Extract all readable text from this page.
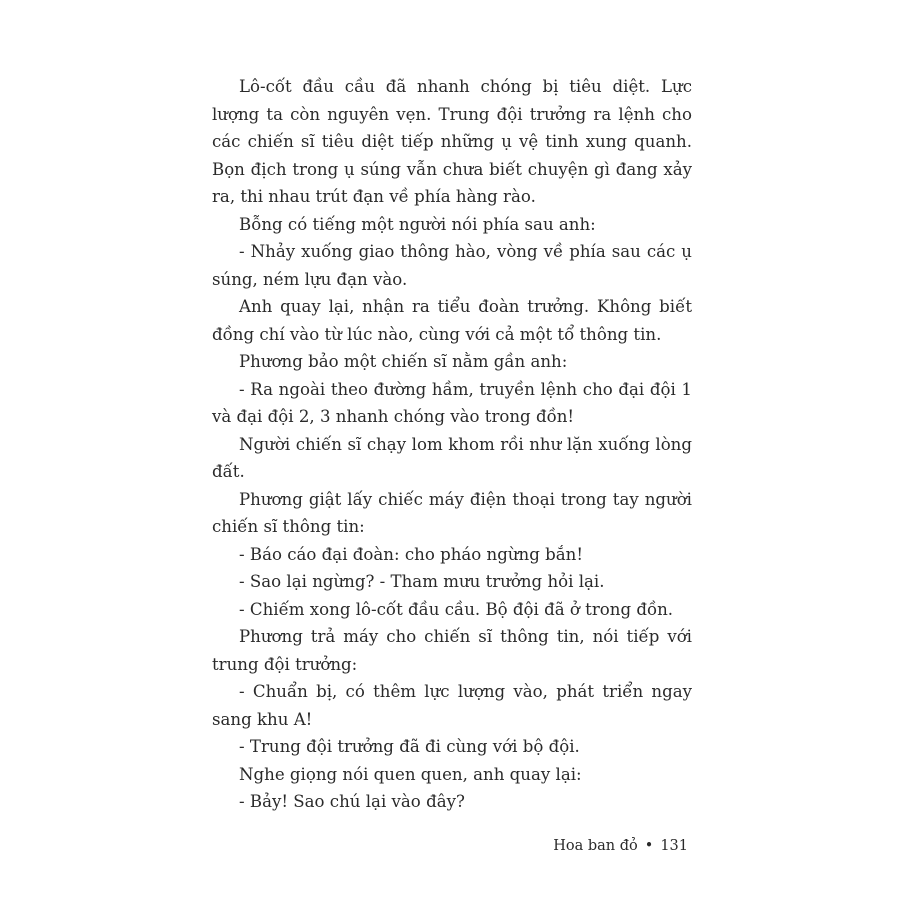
Lô-cốt đầu cầu đã nhanh chóng bị tiêu diệt. Lực lượng ta còn nguyên vẹn. Trung đội trưởng ra lệnh cho các chiến sĩ tiêu diệt tiếp những ụ vệ tinh xung quanh. Bọn địch trong ụ súng vẫn chưa biết chuyện gì đang xảy ra, thi nhau trút đạn về phía hàng rào.

Bỗng có tiếng một người nói phía sau anh:

- Nhảy xuống giao thông hào, vòng về phía sau các ụ súng, ném lựu đạn vào.

Anh quay lại, nhận ra tiểu đoàn trưởng. Không biết đồng chí vào từ lúc nào, cùng với cả một tổ thông tin.

Phương bảo một chiến sĩ nằm gần anh:

- Ra ngoài theo đường hầm, truyền lệnh cho đại đội 1 và đại đội 2, 3 nhanh chóng vào trong đồn!

Người chiến sĩ chạy lom khom rồi như lặn xuống lòng đất.

Phương giật lấy chiếc máy điện thoại trong tay người chiến sĩ thông tin:

- Báo cáo đại đoàn: cho pháo ngừng bắn!

- Sao lại ngừng? - Tham mưu trưởng hỏi lại.

- Chiếm xong lô-cốt đầu cầu. Bộ đội đã ở trong đồn.

Phương trả máy cho chiến sĩ thông tin, nói tiếp với trung đội trưởng:

- Chuẩn bị, có thêm lực lượng vào, phát triển ngay sang khu A!

- Trung đội trưởng đã đi cùng với bộ đội.

Nghe giọng nói quen quen, anh quay lại:

- Bảy! Sao chú lại vào đây?

Hoa ban đỏ • 131
